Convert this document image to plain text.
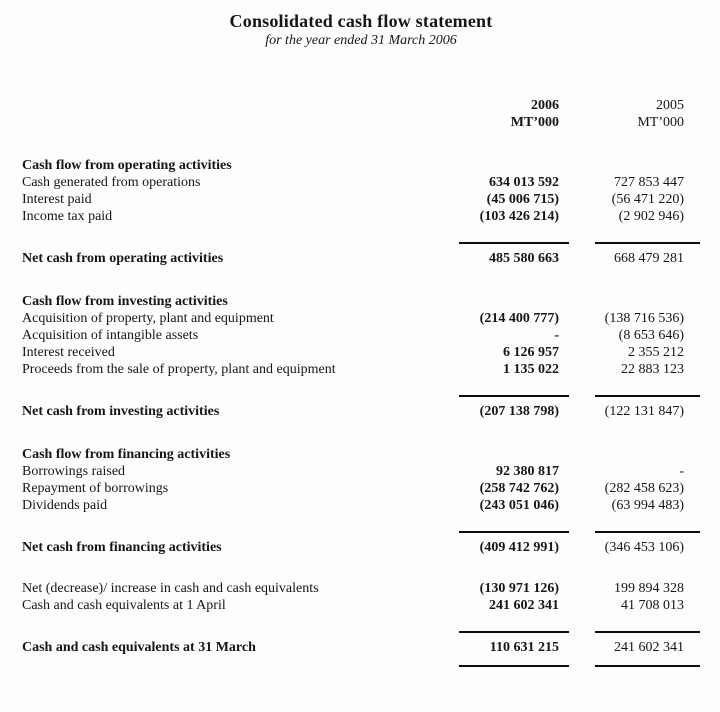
Consolidated cash flow statement
for the year ended 31 March 2006
2006	2005
MT’000	MT’000
Cash flow from operating activities
Cash generated from operations	634 013 592	727 853 447
Interest paid	(45 006 715)	(56 471 220)
Income tax paid	(103 426 214)	(2 902 946)
Net cash from operating activities	485 580 663	668 479 281
Cash flow from investing activities
Acquisition of property, plant and equipment	(214 400 777)	(138 716 536)
Acquisition of intangible assets	-	(8 653 646)
Interest received	6 126 957	2 355 212
Proceeds from the sale of property, plant and equipment	1 135 022	22 883 123
Net cash from investing activities	(207 138 798)	(122 131 847)
Cash flow from financing activities
Borrowings raised	92 380 817	-
Repayment of borrowings	(258 742 762)	(282 458 623)
Dividends paid	(243 051 046)	(63 994 483)
Net cash from financing activities	(409 412 991)	(346 453 106)
Net (decrease)/ increase in cash and cash equivalents	(130 971 126)	199 894 328
Cash and cash equivalents at 1 April	241 602 341	41 708 013
Cash and cash equivalents at 31 March	110 631 215	241 602 341
